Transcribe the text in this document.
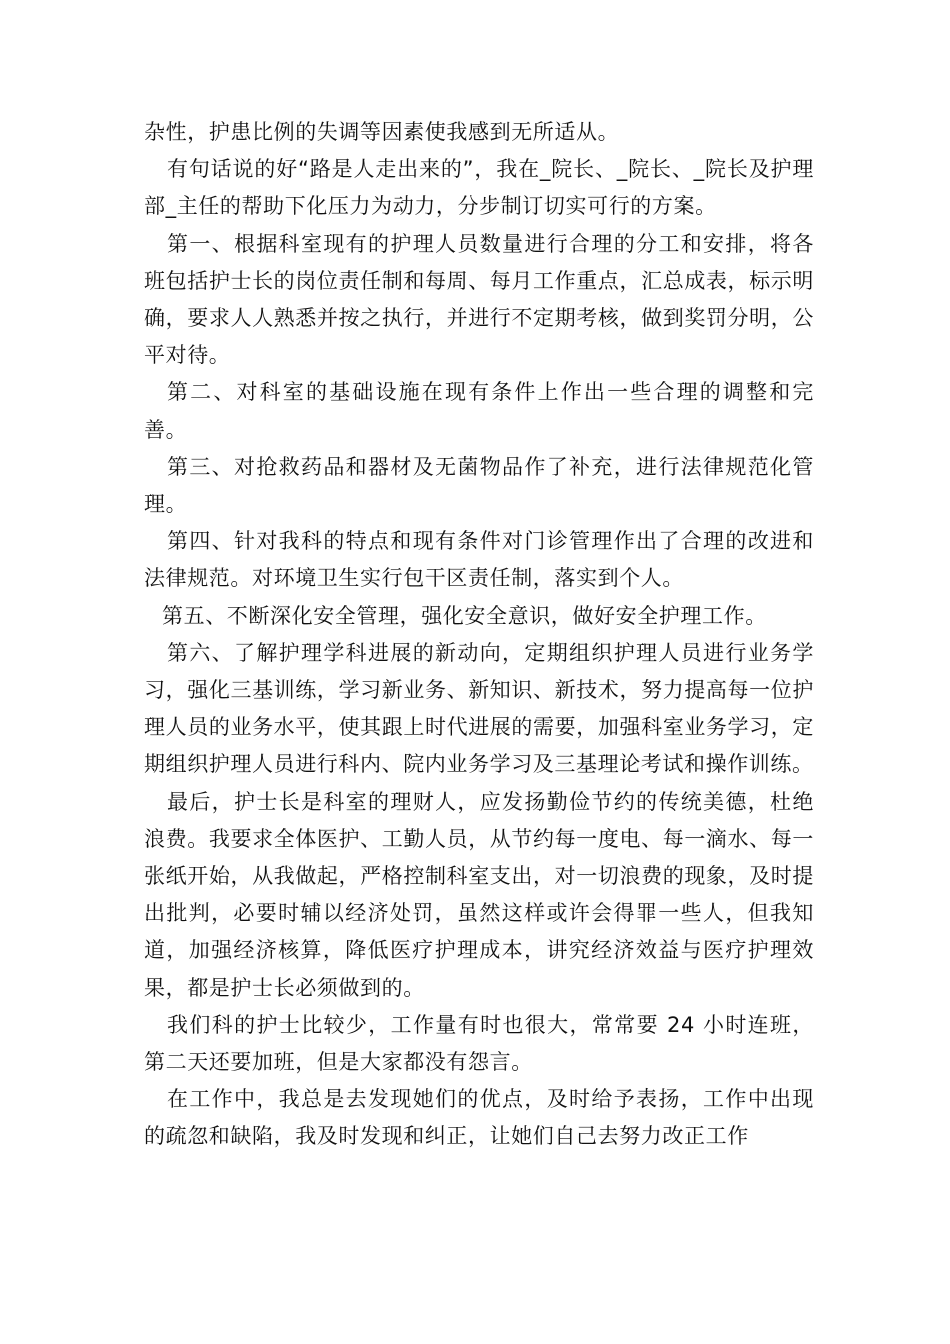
杂性，护患比例的失调等因素使我感到无所适从。

有句话说的好“路是人走出来的”，我在_院长、_院长、_院长及护理部_主任的帮助下化压力为动力，分步制订切实可行的方案。

第一、根据科室现有的护理人员数量进行合理的分工和安排，将各班包括护士长的岗位责任制和每周、每月工作重点，汇总成表，标示明确，要求人人熟悉并按之执行，并进行不定期考核，做到奖罚分明，公平对待。

第二、对科室的基础设施在现有条件上作出一些合理的调整和完善。

第三、对抢救药品和器材及无菌物品作了补充，进行法律规范化管理。

第四、针对我科的特点和现有条件对门诊管理作出了合理的改进和法律规范。对环境卫生实行包干区责任制，落实到个人。

第五、不断深化安全管理，强化安全意识，做好安全护理工作。

第六、了解护理学科进展的新动向，定期组织护理人员进行业务学习，强化三基训练，学习新业务、新知识、新技术，努力提高每一位护理人员的业务水平，使其跟上时代进展的需要，加强科室业务学习，定期组织护理人员进行科内、院内业务学习及三基理论考试和操作训练。

最后，护士长是科室的理财人，应发扬勤俭节约的传统美德，杜绝浪费。我要求全体医护、工勤人员，从节约每一度电、每一滴水、每一张纸开始，从我做起，严格控制科室支出，对一切浪费的现象，及时提出批判，必要时辅以经济处罚，虽然这样或许会得罪一些人，但我知道，加强经济核算，降低医疗护理成本，讲究经济效益与医疗护理效果，都是护士长必须做到的。

我们科的护士比较少，工作量有时也很大，常常要 24 小时连班，第二天还要加班，但是大家都没有怨言。

在工作中，我总是去发现她们的优点，及时给予表扬，工作中出现的疏忽和缺陷，我及时发现和纠正，让她们自己去努力改正工作
